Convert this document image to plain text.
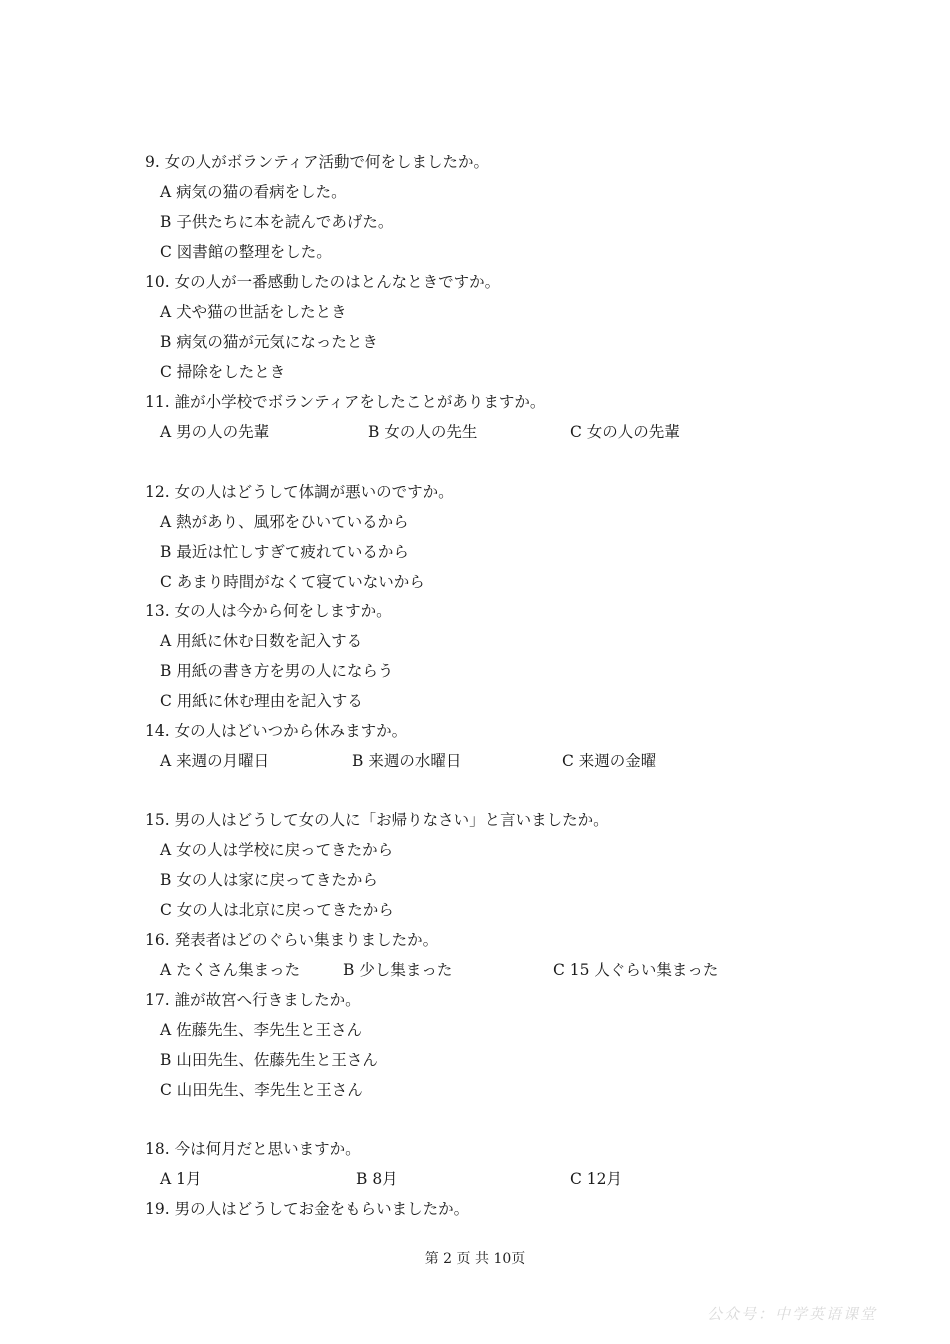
9. 女の人がボランティア活動で何をしましたか。
A 病気の猫の看病をした。
B 子供たちに本を読んであげた。
C 図書館の整理をした。
10. 女の人が一番感動したのはとんなときですか。
A 犬や猫の世話をしたとき
B 病気の猫が元気になったとき
C 掃除をしたとき
11. 誰が小学校でボランティアをしたことがありますか。
A 男の人の先輩	B 女の人の先生	C 女の人の先輩
12. 女の人はどうして体調が悪いのですか。
A 熱があり、風邪をひいているから
B 最近は忙しすぎて疲れているから
C あまり時間がなくて寝ていないから
13. 女の人は今から何をしますか。
A 用紙に休む日数を記入する
B 用紙の書き方を男の人にならう
C 用紙に休む理由を記入する
14. 女の人はどいつから休みますか。
A 来週の月曜日	B 来週の水曜日	C 来週の金曜
15. 男の人はどうして女の人に「お帰りなさい」と言いましたか。
A 女の人は学校に戻ってきたから
B 女の人は家に戻ってきたから
C 女の人は北京に戻ってきたから
16. 発表者はどのぐらい集まりましたか。
A たくさん集まった	B 少し集まった	C 15 人ぐらい集まった
17. 誰が故宮へ行きましたか。
A 佐藤先生、李先生と王さん
B 山田先生、佐藤先生と王さん
C 山田先生、李先生と王さん
18. 今は何月だと思いますか。
A 1月	B 8月	C 12月
19. 男の人はどうしてお金をもらいましたか。
第 2 页 共 10页
公众号：中学英语课堂
